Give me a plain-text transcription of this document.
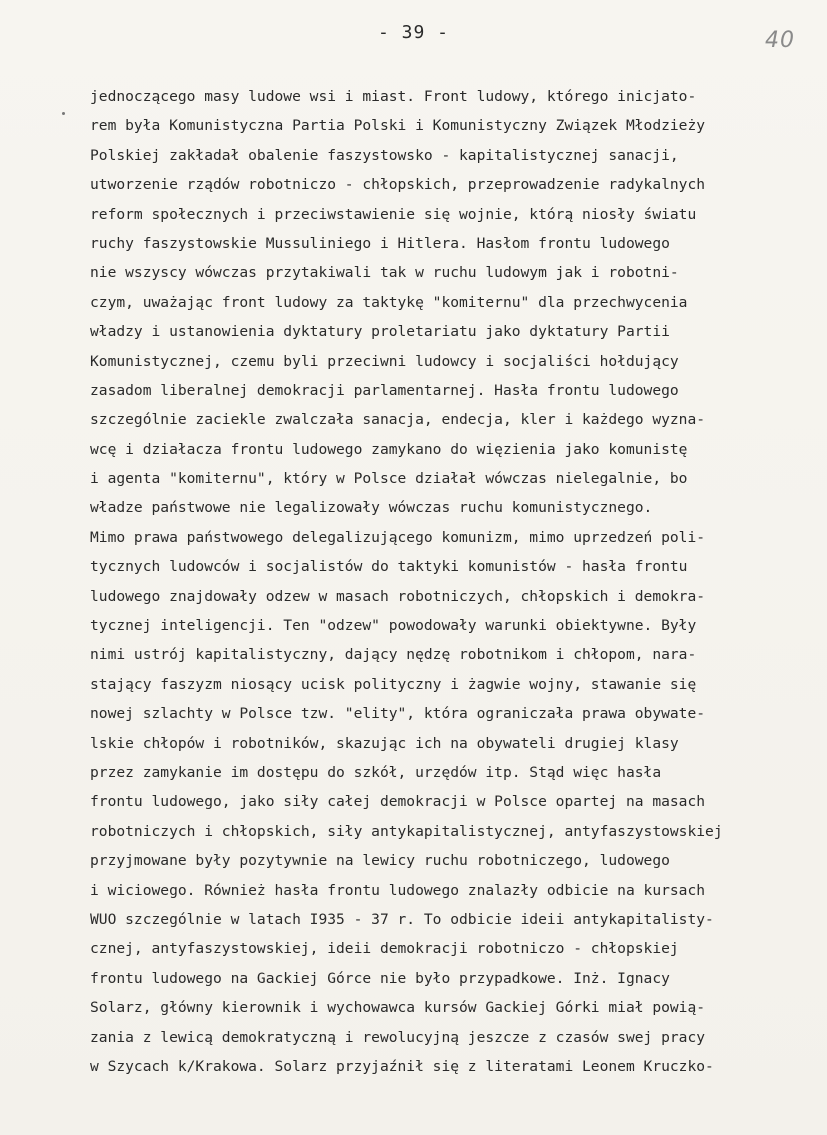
- 39 -	40
jednoczącego masy ludowe wsi i miast. Front ludowy, którego inicjato-
rem była Komunistyczna Partia Polski i Komunistyczny Związek Młodzieży
Polskiej zakładał obalenie faszystowsko - kapitalistycznej sanacji,
utworzenie rządów robotniczo - chłopskich, przeprowadzenie radykalnych
reform społecznych i przeciwstawienie się wojnie, którą niosły światu
ruchy faszystowskie Mussuliniego i Hitlera. Hasłom frontu ludowego
nie wszyscy wówczas przytakiwali tak w ruchu ludowym jak i robotni-
czym, uważając front ludowy za taktykę "komiternu" dla przechwycenia
władzy i ustanowienia dyktatury proletariatu jako dyktatury Partii
Komunistycznej, czemu byli przeciwni ludowcy i socjaliści hołdujący
zasadom liberalnej demokracji parlamentarnej. Hasła frontu ludowego
szczególnie zaciekle zwalczała sanacja, endecja, kler i każdego wyzna-
wcę i działacza frontu ludowego zamykano do więzienia jako komunistę
i agenta "komiternu", który w Polsce działał wówczas nielegalnie, bo
władze państwowe nie legalizowały wówczas ruchu komunistycznego.
Mimo prawa państwowego delegalizującego komunizm, mimo uprzedzeń poli-
tycznych ludowców i socjalistów do taktyki komunistów - hasła frontu
ludowego znajdowały odzew w masach robotniczych, chłopskich i demokra-
tycznej inteligencji. Ten "odzew" powodowały warunki obiektywne. Były
nimi ustrój kapitalistyczny, dający nędzę robotnikom i chłopom, nara-
stający faszyzm niosący ucisk polityczny i żagwie wojny, stawanie się
nowej szlachty w Polsce tzw. "elity", która ograniczała prawa obywate-
lskie chłopów i robotników, skazując ich na obywateli drugiej klasy
przez zamykanie im dostępu do szkół, urzędów itp. Stąd więc hasła
frontu ludowego, jako siły całej demokracji w Polsce opartej na masach
robotniczych i chłopskich, siły antykapitalistycznej, antyfaszystowskiej
przyjmowane były pozytywnie na lewicy ruchu robotniczego, ludowego
i wiciowego. Również hasła frontu ludowego znalazły odbicie na kursach
WUO szczególnie w latach I935 - 37 r. To odbicie ideii antykapitalisty-
cznej, antyfaszystowskiej, ideii demokracji robotniczo - chłopskiej
frontu ludowego na Gackiej Górce nie było przypadkowe. Inż. Ignacy
Solarz, główny kierownik i wychowawca kursów Gackiej Górki miał powią-
zania z lewicą demokratyczną i rewolucyjną jeszcze z czasów swej pracy
w Szycach k/Krakowa. Solarz przyjaźnił się z literatami Leonem Kruczko-
